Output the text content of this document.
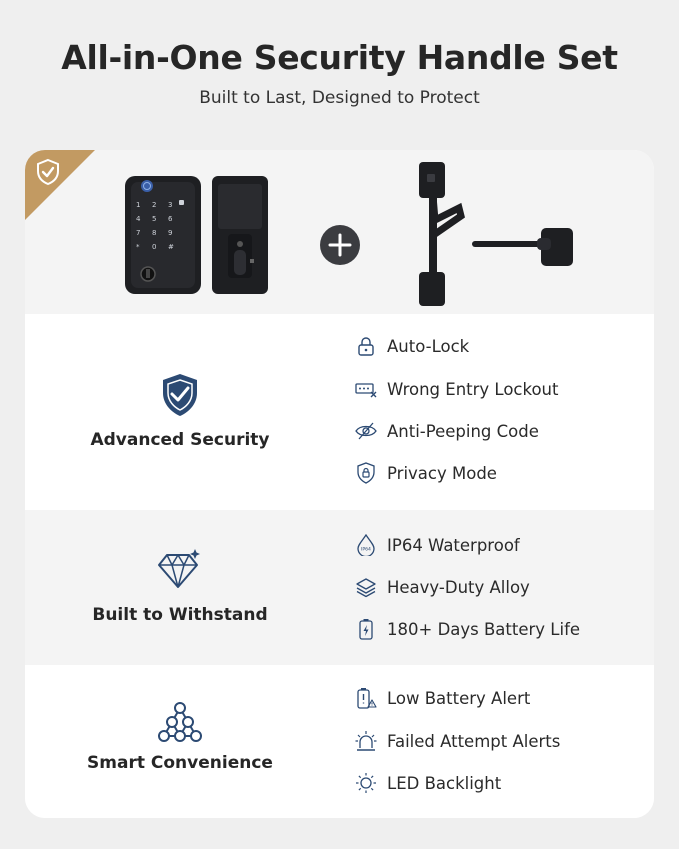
All-in-One Security Handle Set
Built to Last, Designed to Protect
1 2 3
4 5 6
7 8 9
* 0 #
Advanced Security
Auto-Lock
Wrong Entry Lockout
Anti-Peeping Code
Privacy Mode
Built to Withstand
IP64 IP64 Waterproof
Heavy-Duty Alloy
180+ Days Battery Life
Smart Convenience
Low Battery Alert
Failed Attempt Alerts
LED Backlight
